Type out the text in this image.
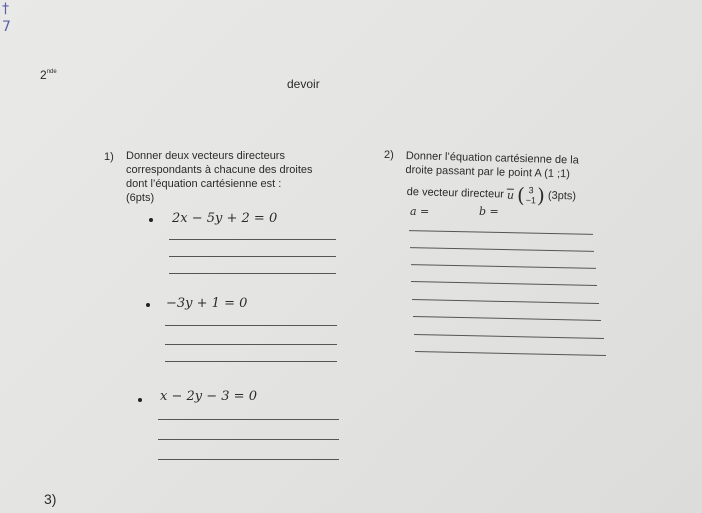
†
7
2nde
devoir
1) Donner deux vecteurs directeurs
correspondants à chacune des droites
dont l’équation cartésienne est :
(6pts)
2x − 5y + 2 = 0
−3y + 1 = 0
x − 2y − 3 = 0
2) Donner l’équation cartésienne de la
droite passant par le point A (1 ;1)
de vecteur directeur u ( 3
−1 ) (3pts)
a =	b =
3)
